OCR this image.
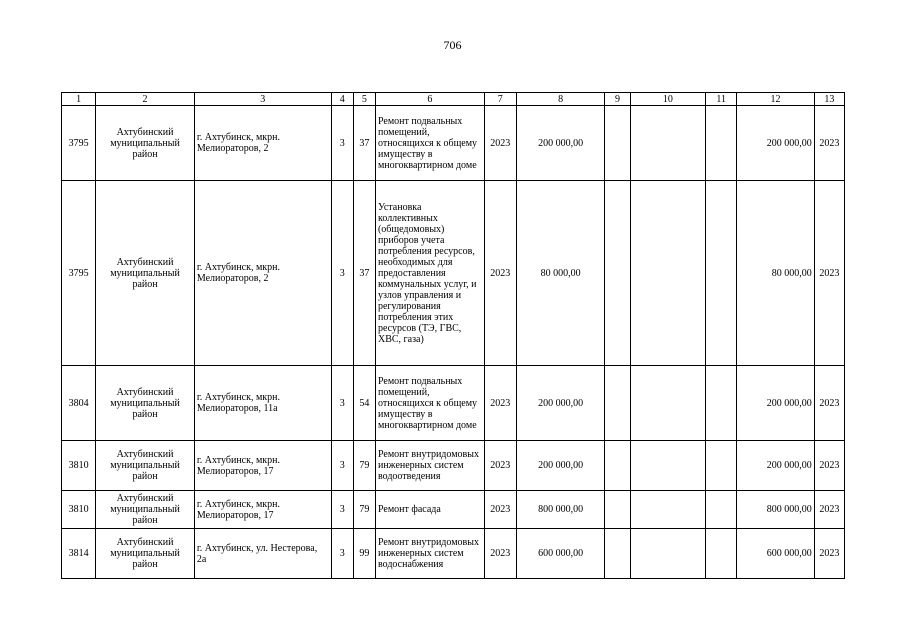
706
1	2	3	4	5	6	7	8	9	10	11	12	13
3795	Ахтубинский муниципальный район	г. Ахтубинск, мкрн. Мелиораторов, 2	3	37	Ремонт подвальных помещений, относящихся к общему имуществу в многоквартирном доме	2023	200 000,00				200 000,00	2023
3795	Ахтубинский муниципальный район	г. Ахтубинск, мкрн. Мелиораторов, 2	3	37	Установка коллективных (общедомовых) приборов учета потребления ресурсов, необходимых для предоставления коммунальных услуг, и узлов управления и регулирования потребления этих ресурсов (ТЭ, ГВС, ХВС, газа)	2023	80 000,00				80 000,00	2023
3804	Ахтубинский муниципальный район	г. Ахтубинск, мкрн. Мелиораторов, 11а	3	54	Ремонт подвальных помещений, относящихся к общему имуществу в многоквартирном доме	2023	200 000,00				200 000,00	2023
3810	Ахтубинский муниципальный район	г. Ахтубинск, мкрн. Мелиораторов, 17	3	79	Ремонт внутридомовых инженерных систем водоотведения	2023	200 000,00				200 000,00	2023
3810	Ахтубинский муниципальный район	г. Ахтубинск, мкрн. Мелиораторов, 17	3	79	Ремонт фасада	2023	800 000,00				800 000,00	2023
3814	Ахтубинский муниципальный район	г. Ахтубинск, ул. Нестерова, 2а	3	99	Ремонт внутридомовых инженерных систем водоснабжения	2023	600 000,00				600 000,00	2023
